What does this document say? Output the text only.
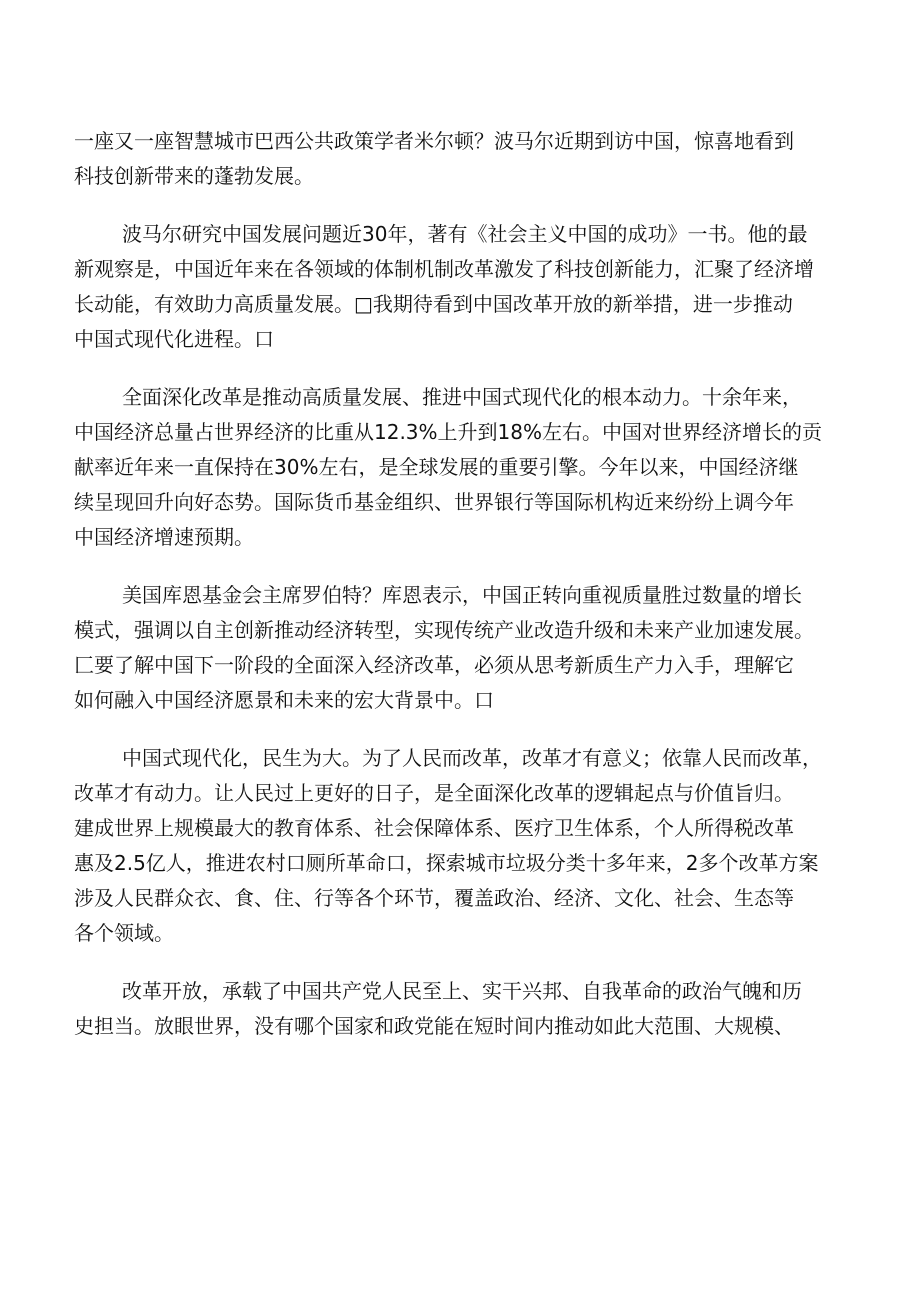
一座又一座智慧城市巴西公共政策学者米尔顿？波马尔近期到访中国，惊喜地看到
科技创新带来的蓬勃发展。
波马尔研究中国发展问题近30年，著有《社会主义中国的成功》一书。他的最
新观察是，中国近年来在各领域的体制机制改革激发了科技创新能力，汇聚了经济增
长动能，有效助力高质量发展。□我期待看到中国改革开放的新举措，进一步推动
中国式现代化进程。口
全面深化改革是推动高质量发展、推进中国式现代化的根本动力。十余年来，
中国经济总量占世界经济的比重从12.3%上升到18%左右。中国对世界经济增长的贡
献率近年来一直保持在30%左右，是全球发展的重要引擎。今年以来，中国经济继
续呈现回升向好态势。国际货币基金组织、世界银行等国际机构近来纷纷上调今年
中国经济增速预期。
美国库恩基金会主席罗伯特？库恩表示，中国正转向重视质量胜过数量的增长
模式，强调以自主创新推动经济转型，实现传统产业改造升级和未来产业加速发展。
匚要了解中国下一阶段的全面深入经济改革，必须从思考新质生产力入手，理解它
如何融入中国经济愿景和未来的宏大背景中。口
中国式现代化，民生为大。为了人民而改革，改革才有意义；依靠人民而改革，
改革才有动力。让人民过上更好的日子，是全面深化改革的逻辑起点与价值旨归。
建成世界上规模最大的教育体系、社会保障体系、医疗卫生体系，个人所得税改革
惠及2.5亿人，推进农村口厕所革命口，探索城市垃圾分类十多年来，2多个改革方案
涉及人民群众衣、食、住、行等各个环节，覆盖政治、经济、文化、社会、生态等
各个领域。
改革开放，承载了中国共产党人民至上、实干兴邦、自我革命的政治气魄和历
史担当。放眼世界，没有哪个国家和政党能在短时间内推动如此大范围、大规模、
